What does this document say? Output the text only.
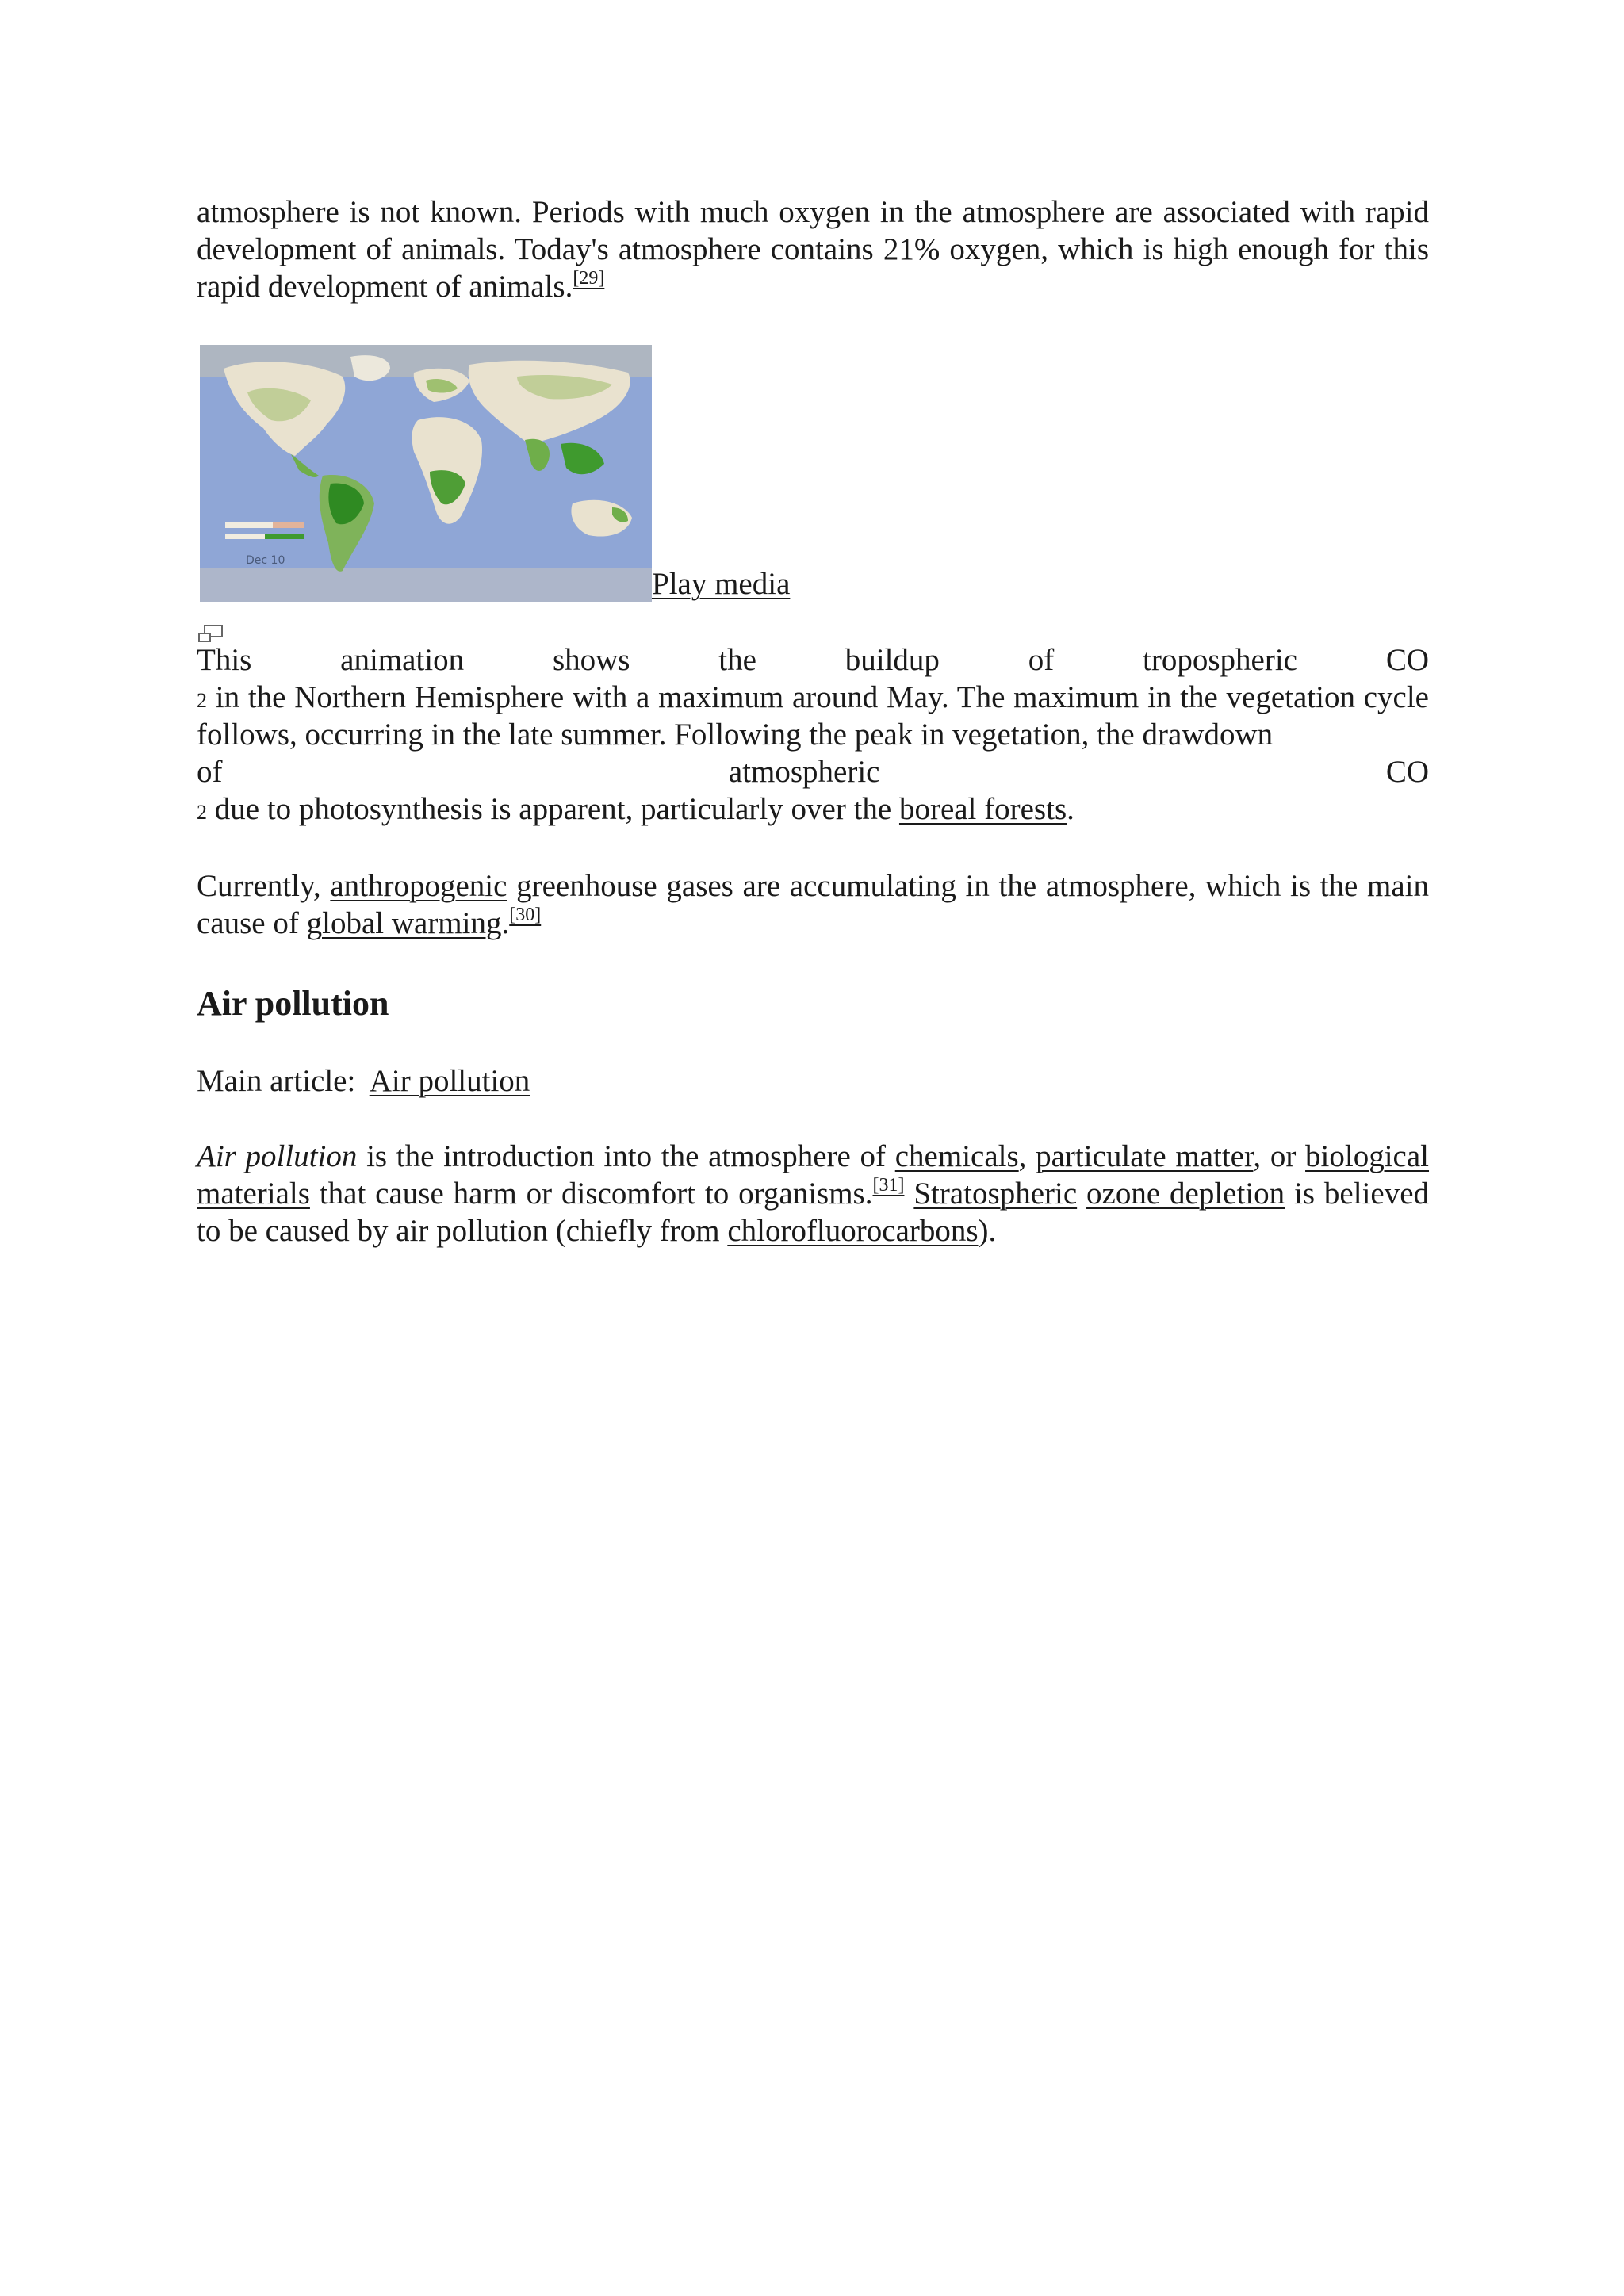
atmosphere is not known. Periods with much oxygen in the atmosphere are associated with rapid development of animals. Today's atmosphere contains 21% oxygen, which is high enough for this rapid development of animals.[29]

Dec 10
Play media

This	animation	shows	the	buildup	of	tropospheric	CO

2 in the Northern Hemisphere with a maximum around May. The maximum in the vegetation cycle follows, occurring in the late summer. Following the peak in vegetation, the drawdown

of	atmospheric	CO

2 due to photosynthesis is apparent, particularly over the boreal forests.

Currently, anthropogenic greenhouse gases are accumulating in the atmosphere, which is the main cause of global warming.[30]

Air pollution

Main article: Air pollution

Air pollution is the introduction into the atmosphere of chemicals, particulate matter, or biological materials that cause harm or discomfort to organisms.[31] Stratospheric ozone depletion is believed to be caused by air pollution (chiefly from chlorofluorocarbons).
